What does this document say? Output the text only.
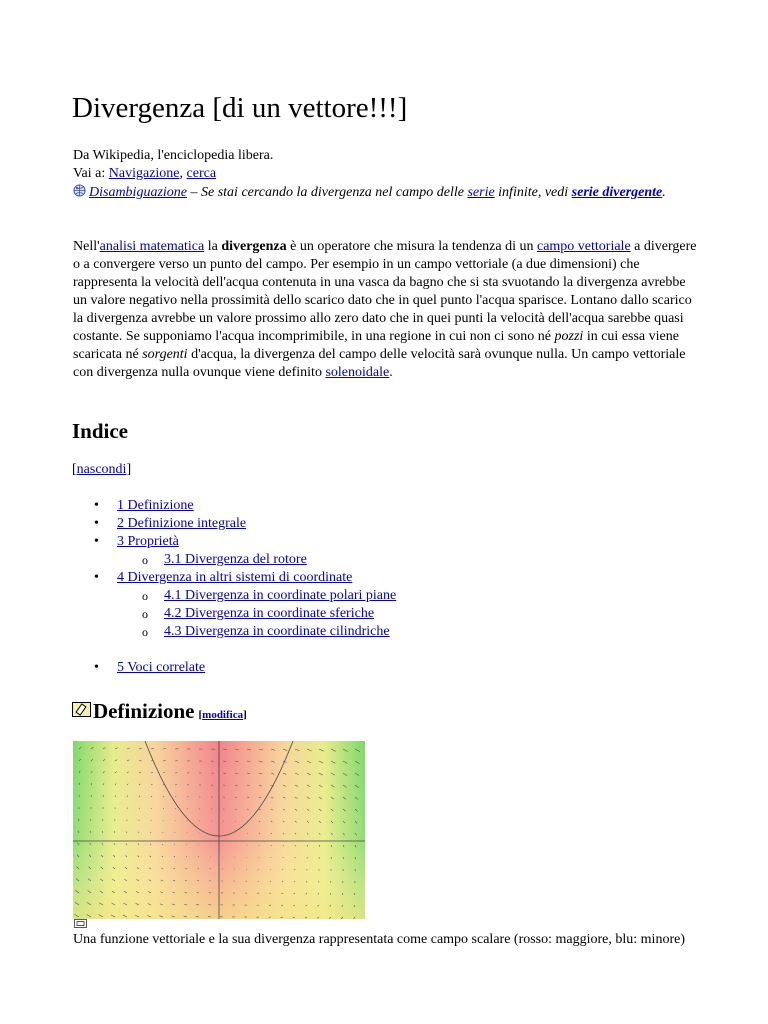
Divergenza [di un vettore!!!]
Da Wikipedia, l'enciclopedia libera.
Vai a: Navigazione, cerca
Disambiguazione – Se stai cercando la divergenza nel campo delle serie infinite, vedi serie divergente.
Nell'analisi matematica la divergenza è un operatore che misura la tendenza di un campo vettoriale a divergere o a convergere verso un punto del campo. Per esempio in un campo vettoriale (a due dimensioni) che rappresenta la velocità dell'acqua contenuta in una vasca da bagno che si sta svuotando la divergenza avrebbe un valore negativo nella prossimità dello scarico dato che in quel punto l'acqua sparisce. Lontano dallo scarico la divergenza avrebbe un valore prossimo allo zero dato che in quei punti la velocità dell'acqua sarebbe quasi costante. Se supponiamo l'acqua incomprimibile, in una regione in cui non ci sono né pozzi in cui essa viene scaricata né sorgenti d'acqua, la divergenza del campo delle velocità sarà ovunque nulla. Un campo vettoriale con divergenza nulla ovunque viene definito solenoidale.
Indice
[nascondi]
• 1 Definizione
• 2 Definizione integrale
• 3 Proprietà
o 3.1 Divergenza del rotore
• 4 Divergenza in altri sistemi di coordinate
o 4.1 Divergenza in coordinate polari piane
o 4.2 Divergenza in coordinate sferiche
o 4.3 Divergenza in coordinate cilindriche
• 5 Voci correlate
Definizione [modifica]
Una funzione vettoriale e la sua divergenza rappresentata come campo scalare (rosso: maggiore, blu: minore)
